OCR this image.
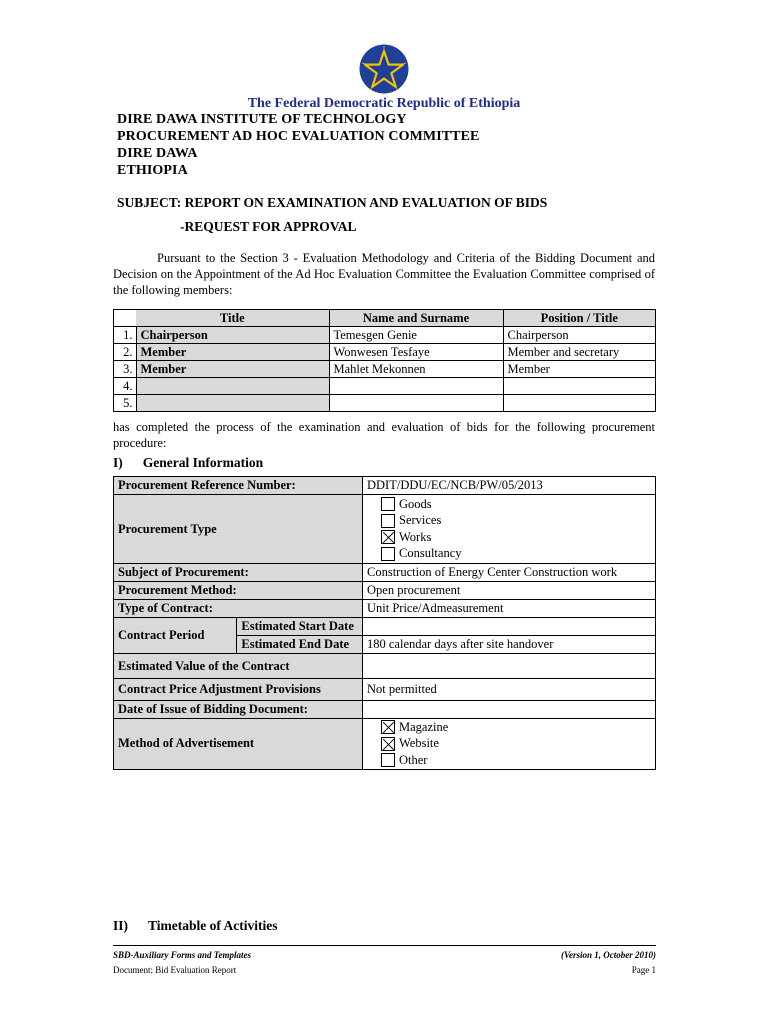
The Federal Democratic Republic of Ethiopia
DIRE DAWA INSTITUTE OF TECHNOLOGY
PROCUREMENT AD HOC EVALUATION COMMITTEE
DIRE DAWA
ETHIOPIA
SUBJECT: REPORT ON EXAMINATION AND EVALUATION OF BIDS
-REQUEST FOR APPROVAL
Pursuant to the Section 3 - Evaluation Methodology and Criteria of the Bidding Document and Decision on the Appointment of the Ad Hoc Evaluation Committee the Evaluation Committee comprised of the following members:
	Title	Name and Surname	Position / Title
1.	Chairperson	Temesgen Genie	Chairperson
2.	Member	Wonwesen Tesfaye	Member and secretary
3.	Member	Mahlet Mekonnen	Member
4.			
5.			
has completed the process of the examination and evaluation of bids for the following procurement procedure:
I) General Information
Procurement Reference Number:		DDIT/DDU/EC/NCB/PW/05/2013
Procurement Type		Goods
Services
Works
Consultancy

Subject of Procurement:		Construction of Energy Center Construction work
Procurement Method:		Open procurement
Type of Contract:		Unit Price/Admeasurement
Contract Period	Estimated Start Date	
	Estimated End Date	180 calendar days after site handover
Estimated Value of the Contract		
Contract Price Adjustment Provisions		Not permitted
Date of Issue of Bidding Document:		
Method of Advertisement		Magazine
Website
Other
II) Timetable of Activities
SBD-Auxiliary Forms and Templates	(Version 1, October 2010)
Document: Bid Evaluation Report	Page 1
